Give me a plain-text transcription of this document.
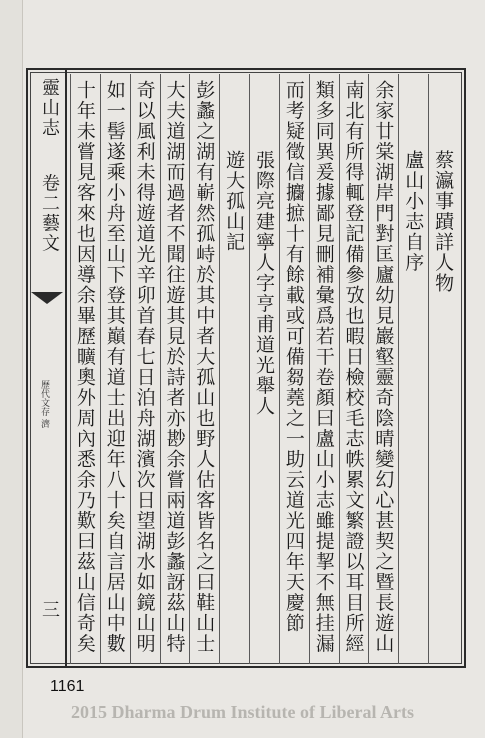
靈山志  卷二藝文
歷代文存 濟
三
蔡瀛事蹟詳人物
盧山小志自序
余家廿棠湖岸門對匡廬幼見巖壑靈奇陰晴變幻心甚契之暨長遊山
南北有所得輒登記備參攷也暇日檢校毛志帙累文繁證以耳目所經
類多同異爰據鄙見刪補彙爲若干卷顏曰盧山小志雖提挈不無挂漏
而考疑徵信攟摭十有餘載或可備芻蕘之一助云道光四年天慶節
張際亮建寧人字亨甫道光舉人
遊大孤山記
彭蠡之湖有嶄然孤峙於其中者大孤山也野人估客皆名之曰鞋山士
大夫道湖而過者不聞往遊其見於詩者亦尠余嘗兩道彭蠡訝茲山特
奇以風利未得遊道光辛卯首春七日泊舟湖濱次日望湖水如鏡山明
如一髻遂乘小舟至山下登其巔有道士出迎年八十矣自言居山中數
十年未嘗見客來也因導余畢歷曠奧外周內悉余乃歎曰茲山信奇矣
1161
2015 Dharma Drum Institute of Liberal Arts
